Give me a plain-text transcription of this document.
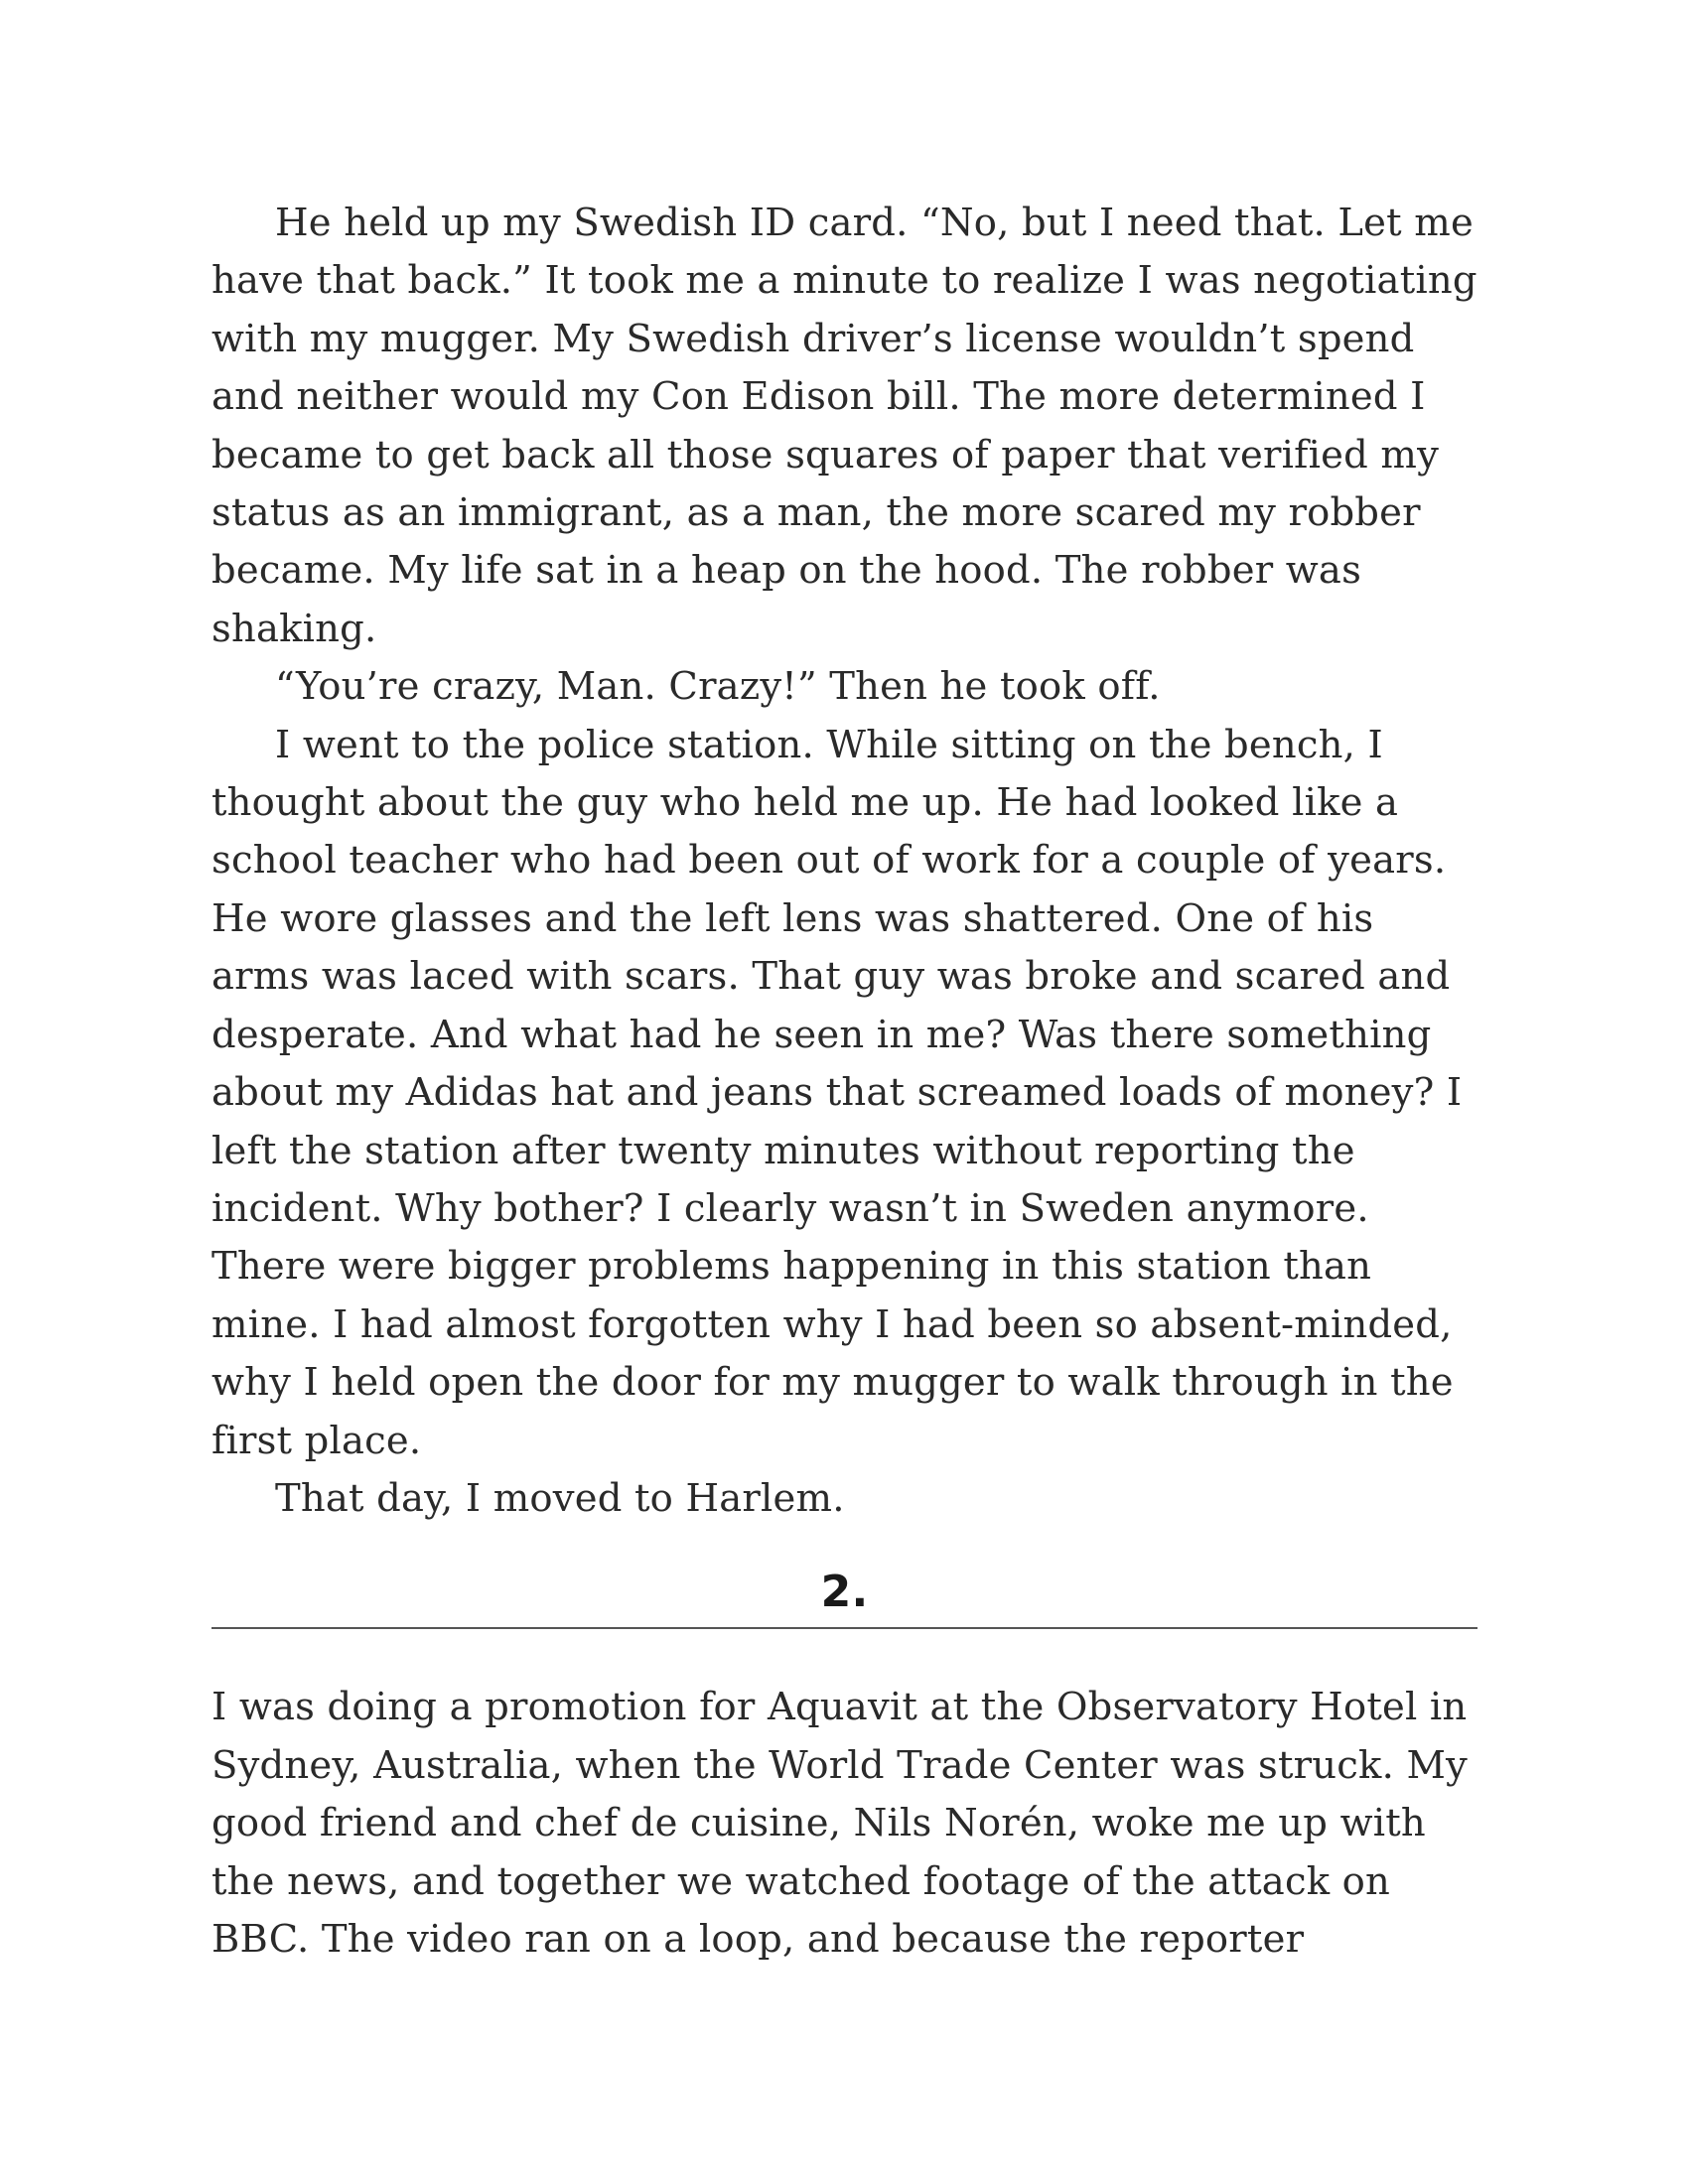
He held up my Swedish ID card. “No, but I need that. Let me have that back.” It took me a minute to realize I was negotiating with my mugger. My Swedish driver’s license wouldn’t spend and neither would my Con Edison bill. The more determined I became to get back all those squares of paper that verified my status as an immigrant, as a man, the more scared my robber became. My life sat in a heap on the hood. The robber was shaking.

“You’re crazy, Man. Crazy!” Then he took off.

I went to the police station. While sitting on the bench, I thought about the guy who held me up. He had looked like a school teacher who had been out of work for a couple of years. He wore glasses and the left lens was shattered. One of his arms was laced with scars. That guy was broke and scared and desperate. And what had he seen in me? Was there something about my Adidas hat and jeans that screamed loads of money? I left the station after twenty minutes without reporting the incident. Why bother? I clearly wasn’t in Sweden anymore. There were bigger problems happening in this station than mine. I had almost forgotten why I had been so absent-minded, why I held open the door for my mugger to walk through in the first place.

That day, I moved to Harlem.

2.

I was doing a promotion for Aquavit at the Observatory Hotel in Sydney, Australia, when the World Trade Center was struck. My good friend and chef de cuisine, Nils Norén, woke me up with the news, and together we watched footage of the attack on BBC. The video ran on a loop, and because the reporter
